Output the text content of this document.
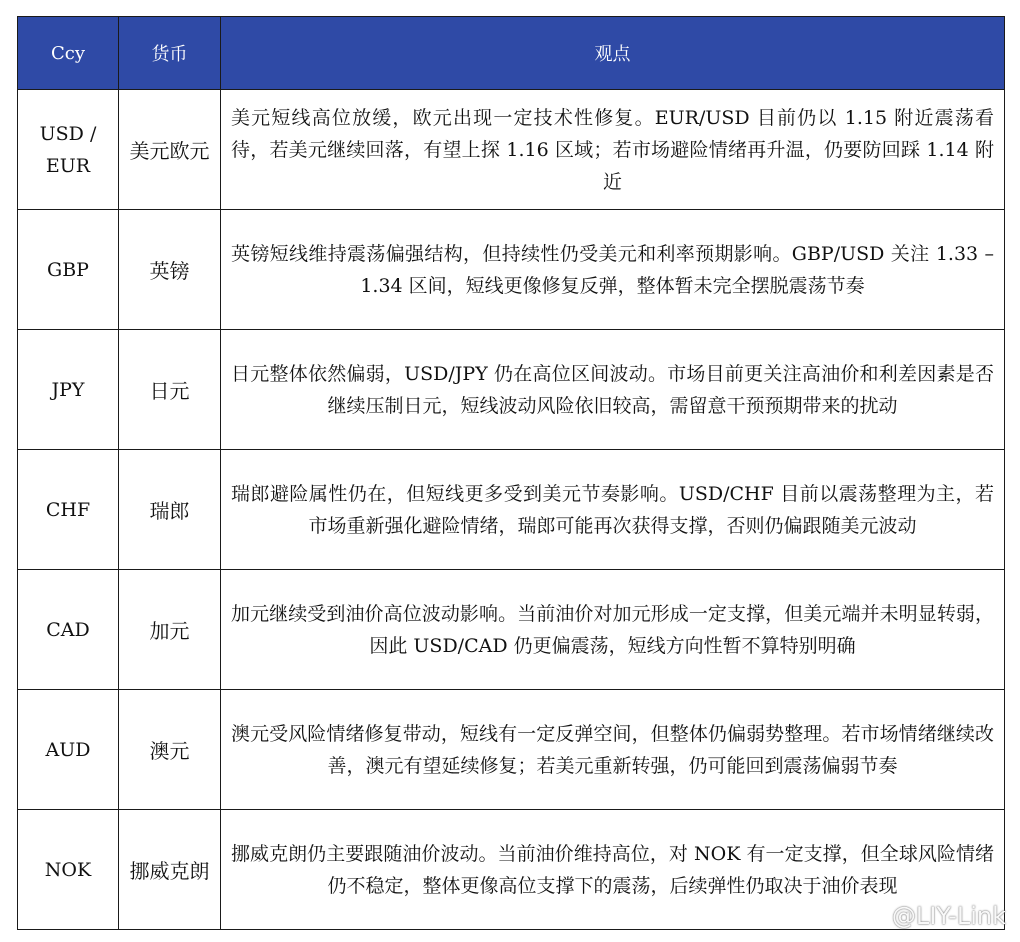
Ccy	货币	观点
USD / EUR	美元欧元	美元短线高位放缓，欧元出现一定技术性修复。EUR/USD 目前仍以 1.15 附近震荡看待，若美元继续回落，有望上探 1.16 区域；若市场避险情绪再升温，仍要防回踩 1.14 附近

GBP	英镑	英镑短线维持震荡偏强结构，但持续性仍受美元和利率预期影响。GBP/USD 关注 1.33 – 1.34 区间，短线更像修复反弹，整体暂未完全摆脱震荡节奏

JPY	日元	日元整体依然偏弱，USD/JPY 仍在高位区间波动。市场目前更关注高油价和利差因素是否继续压制日元，短线波动风险依旧较高，需留意干预预期带来的扰动

CHF	瑞郎	瑞郎避险属性仍在，但短线更多受到美元节奏影响。USD/CHF 目前以震荡整理为主，若市场重新强化避险情绪，瑞郎可能再次获得支撑，否则仍偏跟随美元波动

CAD	加元	加元继续受到油价高位波动影响。当前油价对加元形成一定支撑，但美元端并未明显转弱，因此 USD/CAD 仍更偏震荡，短线方向性暂不算特别明确

AUD	澳元	澳元受风险情绪修复带动，短线有一定反弹空间，但整体仍偏弱势整理。若市场情绪继续改善，澳元有望延续修复；若美元重新转强，仍可能回到震荡偏弱节奏

NOK	挪威克朗	挪威克朗仍主要跟随油价波动。当前油价维持高位，对 NOK 有一定支撑，但全球风险情绪仍不稳定，整体更像高位支撑下的震荡，后续弹性仍取决于油价表现
@LIY-Link
